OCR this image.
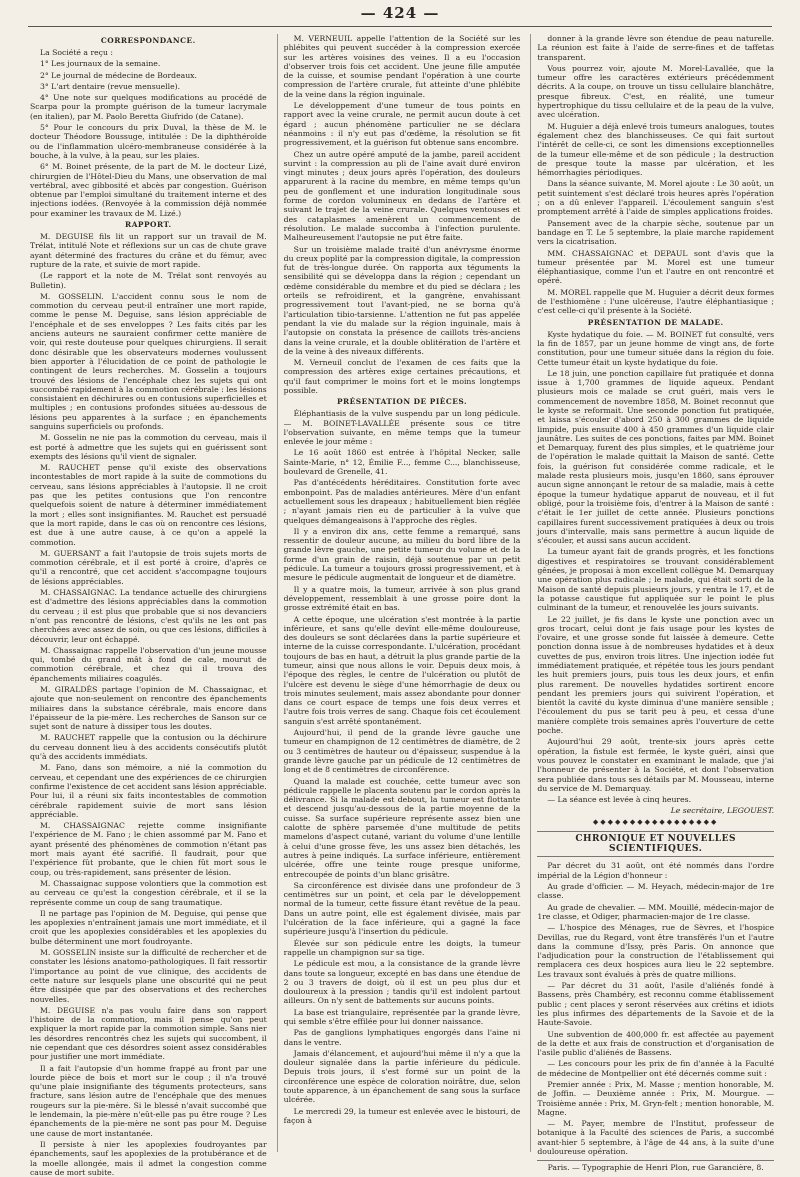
— 424 —
CORRESPONDANCE.

La Société a reçu :

1° Les journaux de la semaine.

2° Le journal de médecine de Bordeaux.

3° L'art dentaire (revue mensuelle).

4° Une note sur quelques modifications au procédé de Scarpa pour la prompte guérison de la tumeur lacrymale (en italien), par M. Paolo Beretta Giufrido (de Catane).

5° Pour le concours du prix Duval, la thèse de M. le docteur Théodore Boussuge, intitulée : De la diphthéroïde ou de l'inflammation ulcéro-membraneuse considérée à la bouche, à la vulve, à la peau, sur les plaies.

6° M. Boinet présente, de la part de M. le docteur Lizé, chirurgien de l'Hôtel-Dieu du Mans, une observation de mal vertébral, avec gibbosité et abcès par congestion. Guérison obtenue par l'emploi simultané du traitement interne et des injections iodées. (Renvoyée à la commission déjà nommée pour examiner les travaux de M. Lizé.)

RAPPORT.

M. DEGUISE fils lit un rapport sur un travail de M. Trélat, intitulé Note et réflexions sur un cas de chute grave ayant déterminé des fractures du crâne et du fémur, avec rupture de la rate, et suivie de mort rapide.

(Le rapport et la note de M. Trélat sont renvoyés au Bulletin).

M. GOSSELIN. L'accident connu sous le nom de commotion du cerveau peut-il entraîner une mort rapide, comme le pense M. Deguise, sans lésion appréciable de l'encéphale et de ses enveloppes ? Les faits cités par les anciens auteurs ne sauraient confirmer cette manière de voir, qui reste douteuse pour quelques chirurgiens. Il serait donc désirable que les observateurs modernes voulussent bien apporter à l'élucidation de ce point de pathologie le contingent de leurs recherches. M. Gosselin a toujours trouvé des lésions de l'encéphale chez les sujets qui ont succombé rapidement à la commotion cérébrale : les lésions consistaient en déchirures ou en contusions superficielles et multiples ; en contusions profondes situées au-dessous de lésions peu apparentes à la surface ; en épanchements sanguins superficiels ou profonds.

M. Gosselin ne nie pas la commotion du cerveau, mais il est porté à admettre que les sujets qui en guérissent sont exempts des lésions qu'il vient de signaler.

M. RAUCHET pense qu'il existe des observations incontestables de mort rapide à la suite de commotions du cerveau, sans lésions appréciables à l'autopsie. Il ne croit pas que les petites contusions que l'on rencontre quelquefois soient de nature à déterminer immédiatement la mort ; elles sont insignifiantes. M. Rauchet est persuadé que la mort rapide, dans le cas où on rencontre ces lésions, est due à une autre cause, à ce qu'on a appelé la commotion.

M. GUERSANT a fait l'autopsie de trois sujets morts de commotion cérébrale, et il est porté à croire, d'après ce qu'il a rencontré, que cet accident s'accompagne toujours de lésions appréciables.

M. CHASSAIGNAC. La tendance actuelle des chirurgiens est d'admettre des lésions appréciables dans la commotion du cerveau ; il est plus que probable que si nos devanciers n'ont pas rencontré de lésions, c'est qu'ils ne les ont pas cherchées avec assez de soin, ou que ces lésions, difficiles à découvrir, leur ont échappé.

M. Chassaignac rappelle l'observation d'un jeune mousse qui, tombé du grand mât à fond de cale, mourut de commotion cérébrale, et chez qui il trouva des épanchements miliaires coagulés.

M. GIRALDÈS partage l'opinion de M. Chassaignac, et ajoute que non-seulement on rencontre des épanchements miliaires dans la substance cérébrale, mais encore dans l'épaisseur de la pie-mère. Les recherches de Sanson sur ce sujet sont de nature à dissiper tous les doutes.

M. RAUCHET rappelle que la contusion ou la déchirure du cerveau donnent lieu à des accidents consécutifs plutôt qu'à des accidents immédiats.

M. Fano, dans son mémoire, a nié la commotion du cerveau, et cependant une des expériences de ce chirurgien confirme l'existence de cet accident sans lésion appréciable. Pour lui, il a réuni six faits incontestables de commotion cérébrale rapidement suivie de mort sans lésion appréciable.

M. CHASSAIGNAC rejette comme insignifiante l'expérience de M. Fano ; le chien assommé par M. Fano et ayant présenté des phénomènes de commotion n'étant pas mort mais ayant été sacrifié. Il faudrait, pour que l'expérience fût probante, que le chien fût mort sous le coup, ou très-rapidement, sans présenter de lésion.

M. Chassaignac suppose volontiers que la commotion est au cerveau ce qu'est la congestion cérébrale, et il se la représente comme un coup de sang traumatique.

Il ne partage pas l'opinion de M. Deguise, qui pense que les apoplexies n'entraînent jamais une mort immédiate, et il croit que les apoplexies considérables et les apoplexies du bulbe déterminent une mort foudroyante.

M. GOSSELIN insiste sur la difficulté de rechercher et de constater les lésions anatomo-pathologiques. Il fait ressortir l'importance au point de vue clinique, des accidents de cette nature sur lesquels plane une obscurité qui ne peut être dissipée que par des observations et des recherches nouvelles.

M. DEGUISE n'a pas voulu faire dans son rapport l'histoire de la commotion, mais il pense qu'on peut expliquer la mort rapide par la commotion simple. Sans nier les désordres rencontrés chez les sujets qui succombent, il nie cependant que ces désordres soient assez considérables pour justifier une mort immédiate.

Il a fait l'autopsie d'un homme frappé au front par une lourde pièce de bois et mort sur le coup ; il n'a trouvé qu'une plaie insignifiante des téguments protecteurs, sans fracture, sans lésion autre de l'encéphale que des menues rougeurs sur la pie-mère. Si le blessé n'avait succombé que le lendemain, la pie-mère n'eût-elle pas pu être rouge ? Les épanchements de la pie-mère ne sont pas pour M. Deguise une cause de mort instantanée.

Il persiste à nier les apoplexies foudroyantes par épanchements, sauf les apoplexies de la protubérance et de la moelle allongée, mais il admet la congestion comme cause de mort subite.

M. VERNEUIL appelle l'attention de la Société sur les phlébites qui peuvent succéder à la compression exercée sur les artères voisines des veines. Il a eu l'occasion d'observer trois fois cet accident. Une jeune fille amputée de la cuisse, et soumise pendant l'opération à une courte compression de l'artère crurale, fut atteinte d'une phlébite de la veine dans la région inguinale.

Le développement d'une tumeur de tous points en rapport avec la veine crurale, ne permit aucun doute à cet égard ; aucun phénomène particulier ne se déclara néanmoins : il n'y eut pas d'œdème, la résolution se fit progressivement, et la guérison fut obtenue sans encombre.

Chez un autre opéré amputé de la jambe, pareil accident survint : la compression au pli de l'aine avait duré environ vingt minutes ; deux jours après l'opération, des douleurs apparurent à la racine du membre, en même temps qu'un peu de gonflement et une induration longitudinale sous forme de cordon volumineux en dedans de l'artère et suivant le trajet de la veine crurale. Quelques ventouses et des cataplasmes amenèrent un commencement de résolution. Le malade succomba à l'infection purulente. Malheureusement l'autopsie ne put être faite.

Sur un troisième malade traité d'un anévrysme énorme du creux poplité par la compression digitale, la compression fut de très-longue durée. On rapporta aux téguments la sensibilité qui se développa dans la région ; cependant un œdème considérable du membre et du pied se déclara ; les orteils se refroidirent, et la gangrène, envahissant progressivement tout l'avant-pied, ne se borna qu'à l'articulation tibio-tarsienne. L'attention ne fut pas appelée pendant la vie du malade sur la région inguinale, mais à l'autopsie on constata la présence de caillots très-anciens dans la veine crurale, et la double oblitération de l'artère et de la veine à des niveaux différents.

M. Verneuil conclut de l'examen de ces faits que la compression des artères exige certaines précautions, et qu'il faut comprimer le moins fort et le moins longtemps possible.

PRÉSENTATION DE PIÈCES.

Éléphantiasis de la vulve suspendu par un long pédicule. — M. BOINET-LAVALLÉE présente sous ce titre l'observation suivante, en même temps que la tumeur enlevée le jour même :

Le 16 août 1860 est entrée à l'hôpital Necker, salle Sainte-Marie, n° 12, Émilie F..., femme C..., blanchisseuse, boulevard de Grenelle, 41.

Pas d'antécédents héréditaires. Constitution forte avec embonpoint. Pas de maladies antérieures. Mère d'un enfant actuellement sous les drapeaux ; habituellement bien réglée ; n'ayant jamais rien eu de particulier à la vulve que quelques démangeaisons à l'approche des règles.

Il y a environ dix ans, cette femme a remarqué, sans ressentir de douleur aucune, au milieu du bord libre de la grande lèvre gauche, une petite tumeur du volume et de la forme d'un grain de raisin, déjà soutenue par un petit pédicule. La tumeur a toujours grossi progressivement, et à mesure le pédicule augmentait de longueur et de diamètre.

Il y a quatre mois, la tumeur, arrivée à son plus grand développement, ressemblait à une grosse poire dont la grosse extrémité était en bas.

A cette époque, une ulcération s'est montrée à la partie inférieure, et sans qu'elle devînt elle-même douloureuse, des douleurs se sont déclarées dans la partie supérieure et interne de la cuisse correspondante. L'ulcération, procédant toujours de bas en haut, a détruit la plus grande partie de la tumeur, ainsi que nous allons le voir. Depuis deux mois, à l'époque des règles, le centre de l'ulcération ou plutôt de l'ulcère est devenu le siège d'une hémorrhagie de deux ou trois minutes seulement, mais assez abondante pour donner dans ce court espace de temps une fois deux verres et l'autre fois trois verres de sang. Chaque fois cet écoulement sanguin s'est arrêté spontanément.

Aujourd'hui, il pend de la grande lèvre gauche une tumeur en champignon de 12 centimètres de diamètre, de 2 ou 3 centimètres de hauteur ou d'épaisseur, suspendue à la grande lèvre gauche par un pédicule de 12 centimètres de long et de 8 centimètres de circonférence.

Quand la malade est couchée, cette tumeur avec son pédicule rappelle le placenta soutenu par le cordon après la délivrance. Si la malade est debout, la tumeur est flottante et descend jusqu'au-dessous de la partie moyenne de la cuisse. Sa surface supérieure représente assez bien une calotte de sphère parsemée d'une multitude de petits mamelons d'aspect cutané, variant du volume d'une lentille à celui d'une grosse fève, les uns assez bien détachés, les autres à peine indiqués. La surface inférieure, entièrement ulcérée, offre une teinte rouge presque uniforme, entrecoupée de points d'un blanc grisâtre.

Sa circonférence est divisée dans une profondeur de 3 centimètres sur un point, et cela par le développement normal de la tumeur, cette fissure étant revêtue de la peau. Dans un autre point, elle est également divisée, mais par l'ulcération de la face inférieure, qui a gagné la face supérieure jusqu'à l'insertion du pédicule.

Élevée sur son pédicule entre les doigts, la tumeur rappelle un champignon sur sa tige.

Le pédicule est mou, a la consistance de la grande lèvre dans toute sa longueur, excepté en bas dans une étendue de 2 ou 3 travers de doigt, où il est un peu plus dur et douloureux à la pression ; tandis qu'il est indolent partout ailleurs. On n'y sent de battements sur aucuns points.

La base est triangulaire, représentée par la grande lèvre, qui semble s'être effilée pour lui donner naissance.

Pas de ganglions lymphatiques engorgés dans l'aine ni dans le ventre.

Jamais d'élancement, et aujourd'hui même il n'y a que la douleur signalée dans la partie inférieure du pédicule. Depuis trois jours, il s'est formé sur un point de la circonférence une espèce de coloration noirâtre, due, selon toute apparence, à un épanchement de sang sous la surface ulcérée.

Le mercredi 29, la tumeur est enlevée avec le bistouri, de façon à

donner à la grande lèvre son étendue de peau naturelle. La réunion est faite à l'aide de serre-fines et de taffetas transparent.

Vous pourrez voir, ajoute M. Morel-Lavallée, que la tumeur offre les caractères extérieurs précédemment décrits. A la coupe, on trouve un tissu cellulaire blanchâtre, presque fibreux. C'est, en réalité, une tumeur hypertrophique du tissu cellulaire et de la peau de la vulve, avec ulcération.

M. Huguier a déjà enlevé trois tumeurs analogues, toutes également chez des blanchisseuses. Ce qui fait surtout l'intérêt de celle-ci, ce sont les dimensions exceptionnelles de la tumeur elle-même et de son pédicule ; la destruction de presque toute la masse par ulcération, et les hémorrhagies périodiques.

Dans la séance suivante, M. Morel ajoute : Le 30 août, un petit suintement s'est déclaré trois heures après l'opération ; on a dû enlever l'appareil. L'écoulement sanguin s'est promptement arrêté à l'aide de simples applications froides.

Pansement avec de la charpie sèche, soutenue par un bandage en T. Le 5 septembre, la plaie marche rapidement vers la cicatrisation.

MM. CHASSAIGNAC et DEPAUL sont d'avis que la tumeur présentée par M. Morel est une tumeur éléphantiasique, comme l'un et l'autre en ont rencontré et opéré.

M. MOREL rappelle que M. Huguier a décrit deux formes de l'esthiomène : l'une ulcéreuse, l'autre éléphantiasique ; c'est celle-ci qu'il présente à la Société.

PRÉSENTATION DE MALADE.

Kyste hydatique du foie. — M. BOINET fut consulté, vers la fin de 1857, par un jeune homme de vingt ans, de forte constitution, pour une tumeur située dans la région du foie. Cette tumeur était un kyste hydatique du foie.

Le 18 juin, une ponction capillaire fut pratiquée et donna issue à 1,700 grammes de liquide aqueux. Pendant plusieurs mois ce malade se crut guéri, mais vers le commencement de novembre 1858, M. Boinet reconnut que le kyste se reformait. Une seconde ponction fut pratiquée, et laissa s'écouler d'abord 250 à 300 grammes de liquide limpide, puis ensuite 400 à 450 grammes d'un liquide clair jaunâtre. Les suites de ces ponctions, faites par MM. Boinet et Demarquay, furent des plus simples, et le quatrième jour de l'opération le malade quittait la Maison de santé. Cette fois, la guérison fut considérée comme radicale, et le malade resta plusieurs mois, jusqu'en 1860, sans éprouver aucun signe annonçant le retour de sa maladie, mais à cette époque la tumeur hydatique apparut de nouveau, et il fut obligé, pour la troisième fois, d'entrer à la Maison de santé : c'était le 1er juillet de cette année. Plusieurs ponctions capillaires furent successivement pratiquées à deux ou trois jours d'intervalle, mais sans permettre à aucun liquide de s'écouler, et aussi sans aucun accident.

La tumeur ayant fait de grands progrès, et les fonctions digestives et respiratoires se trouvant considérablement gênées, je proposai à mon excellent collègue M. Demarquay une opération plus radicale ; le malade, qui était sorti de la Maison de santé depuis plusieurs jours, y rentra le 17, et de la potasse caustique fut appliquée sur le point le plus culminant de la tumeur, et renouvelée les jours suivants.

Le 22 juillet, je fis dans le kyste une ponction avec un gros trocart, celui dont je fais usage pour les kystes de l'ovaire, et une grosse sonde fut laissée à demeure. Cette ponction donna issue à de nombreuses hydatides et à deux cuvettes de pus, environ trois litres. Une injection iodée fut immédiatement pratiquée, et répétée tous les jours pendant les huit premiers jours, puis tous les deux jours, et enfin plus rarement. De nouvelles hydatides sortirent encore pendant les premiers jours qui suivirent l'opération, et bientôt la cavité du kyste diminua d'une manière sensible ; l'écoulement du pus se tarit peu à peu, et cessa d'une manière complète trois semaines après l'ouverture de cette poche.

Aujourd'hui 29 août, trente-six jours après cette opération, la fistule est fermée, le kyste guéri, ainsi que vous pouvez le constater en examinant le malade, que j'ai l'honneur de présenter à la Société, et dont l'observation sera publiée dans tous ses détails par M. Mousseau, interne du service de M. Demarquay.

— La séance est levée à cinq heures.

Le secrétaire, LEGOUEST.
◆◆◆◆◆◆◆◆◆◆◆◆◆◆◆◆◆
CHRONIQUE ET NOUVELLES SCIENTIFIQUES.

Par décret du 31 août, ont été nommés dans l'ordre impérial de la Légion d'honneur :

Au grade d'officier. — M. Heyach, médecin-major de 1re classe.

Au grade de chevalier. — MM. Mouillé, médecin-major de 1re classe, et Odiger, pharmacien-major de 1re classe.

— L'hospice des Ménages, rue de Sèvres, et l'hospice Devillas, rue du Regard, vont être transférés l'un et l'autre dans la commune d'Issy, près Paris. On annonce que l'adjudication pour la construction de l'établissement qui remplacera ces deux hospices aura lieu le 22 septembre. Les travaux sont évalués à près de quatre millions.

— Par décret du 31 août, l'asile d'aliénés fondé à Bassens, près Chambéry, est reconnu comme établissement public ; cent places y seront réservées aux crétins et idiots les plus infirmes des départements de la Savoie et de la Haute-Savoie.

Une subvention de 400,000 fr. est affectée au payement de la dette et aux frais de construction et d'organisation de l'asile public d'aliénés de Bassens.

— Les concours pour les prix de fin d'année à la Faculté de médecine de Montpellier ont été décernés comme suit :

Premier année : Prix, M. Masse ; mention honorable, M. de Joffin. — Deuxième année : Prix, M. Mourgue. — Troisième année : Prix, M. Gryn-felt ; mention honorable, M. Magne.

— M. Payer, membre de l'Institut, professeur de botanique à la Faculté des sciences de Paris, a succombé avant-hier 5 septembre, à l'âge de 44 ans, à la suite d'une douloureuse opération.

Paris. — Typographie de Henri Plon, rue Garancière, 8.
